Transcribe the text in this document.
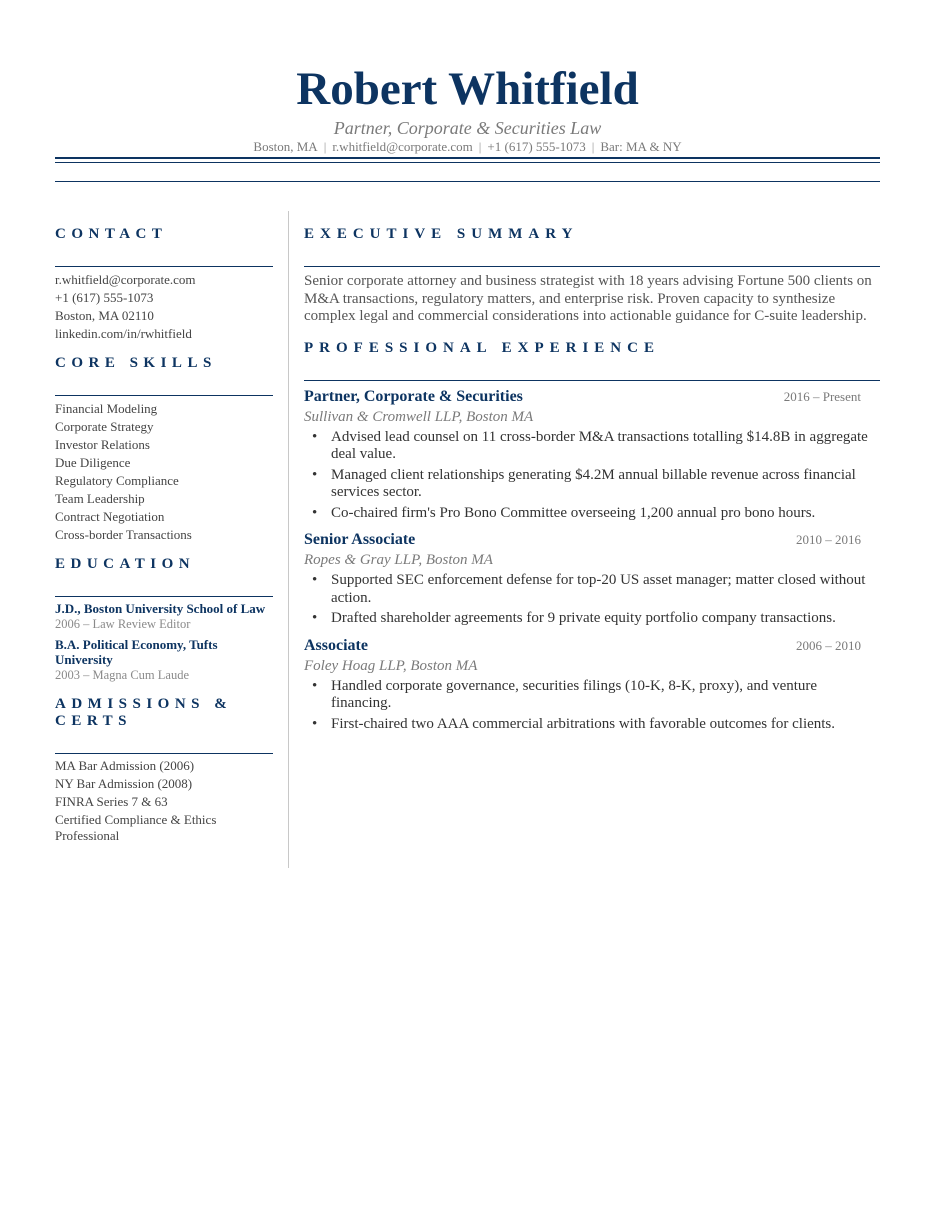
Robert Whitfield
Partner, Corporate & Securities Law
Boston, MA | r.whitfield@corporate.com | +1 (617) 555-1073 | Bar: MA & NY
CONTACT
r.whitfield@corporate.com
+1 (617) 555-1073
Boston, MA 02110
linkedin.com/in/rwhitfield
CORE SKILLS
Financial Modeling
Corporate Strategy
Investor Relations
Due Diligence
Regulatory Compliance
Team Leadership
Contract Negotiation
Cross-border Transactions
EDUCATION
J.D., Boston University School of Law
2006 – Law Review Editor
B.A. Political Economy, Tufts University
2003 – Magna Cum Laude
ADMISSIONS & CERTS
MA Bar Admission (2006)
NY Bar Admission (2008)
FINRA Series 7 & 63
Certified Compliance & Ethics Professional
EXECUTIVE SUMMARY
Senior corporate attorney and business strategist with 18 years advising Fortune 500 clients on M&A transactions, regulatory matters, and enterprise risk. Proven capacity to synthesize complex legal and commercial considerations into actionable guidance for C-suite leadership.
PROFESSIONAL EXPERIENCE
Partner, Corporate & Securities	2016 – Present
Sullivan & Cromwell LLP, Boston MA
• Advised lead counsel on 11 cross-border M&A transactions totalling $14.8B in aggregate deal value.
• Managed client relationships generating $4.2M annual billable revenue across financial services sector.
• Co-chaired firm's Pro Bono Committee overseeing 1,200 annual pro bono hours.
Senior Associate	2010 – 2016
Ropes & Gray LLP, Boston MA
• Supported SEC enforcement defense for top-20 US asset manager; matter closed without action.
• Drafted shareholder agreements for 9 private equity portfolio company transactions.
Associate	2006 – 2010
Foley Hoag LLP, Boston MA
• Handled corporate governance, securities filings (10-K, 8-K, proxy), and venture financing.
• First-chaired two AAA commercial arbitrations with favorable outcomes for clients.
